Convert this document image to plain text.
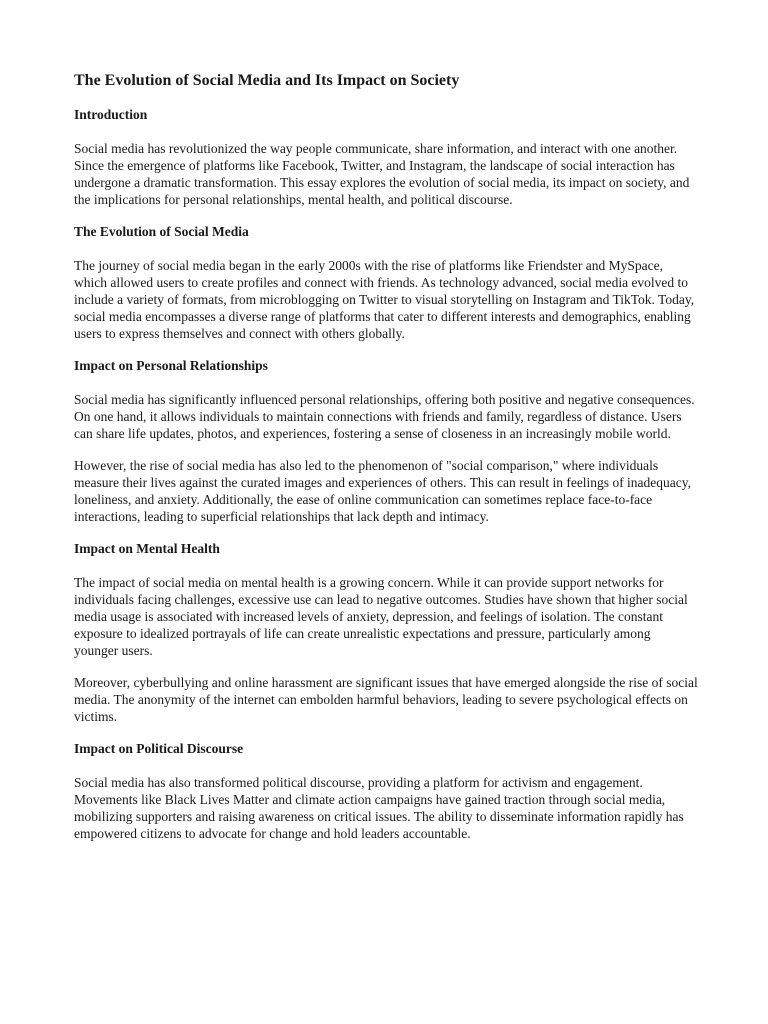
The Evolution of Social Media and Its Impact on Society
Introduction

Social media has revolutionized the way people communicate, share information, and interact with one another. Since the emergence of platforms like Facebook, Twitter, and Instagram, the landscape of social interaction has undergone a dramatic transformation. This essay explores the evolution of social media, its impact on society, and the implications for personal relationships, mental health, and political discourse.

The Evolution of Social Media

The journey of social media began in the early 2000s with the rise of platforms like Friendster and MySpace, which allowed users to create profiles and connect with friends. As technology advanced, social media evolved to include a variety of formats, from microblogging on Twitter to visual storytelling on Instagram and TikTok. Today, social media encompasses a diverse range of platforms that cater to different interests and demographics, enabling users to express themselves and connect with others globally.

Impact on Personal Relationships

Social media has significantly influenced personal relationships, offering both positive and negative consequences. On one hand, it allows individuals to maintain connections with friends and family, regardless of distance. Users can share life updates, photos, and experiences, fostering a sense of closeness in an increasingly mobile world.

However, the rise of social media has also led to the phenomenon of "social comparison," where individuals measure their lives against the curated images and experiences of others. This can result in feelings of inadequacy, loneliness, and anxiety. Additionally, the ease of online communication can sometimes replace face-to-face interactions, leading to superficial relationships that lack depth and intimacy.

Impact on Mental Health

The impact of social media on mental health is a growing concern. While it can provide support networks for individuals facing challenges, excessive use can lead to negative outcomes. Studies have shown that higher social media usage is associated with increased levels of anxiety, depression, and feelings of isolation. The constant exposure to idealized portrayals of life can create unrealistic expectations and pressure, particularly among younger users.

Moreover, cyberbullying and online harassment are significant issues that have emerged alongside the rise of social media. The anonymity of the internet can embolden harmful behaviors, leading to severe psychological effects on victims.

Impact on Political Discourse

Social media has also transformed political discourse, providing a platform for activism and engagement. Movements like Black Lives Matter and climate action campaigns have gained traction through social media, mobilizing supporters and raising awareness on critical issues. The ability to disseminate information rapidly has empowered citizens to advocate for change and hold leaders accountable.
